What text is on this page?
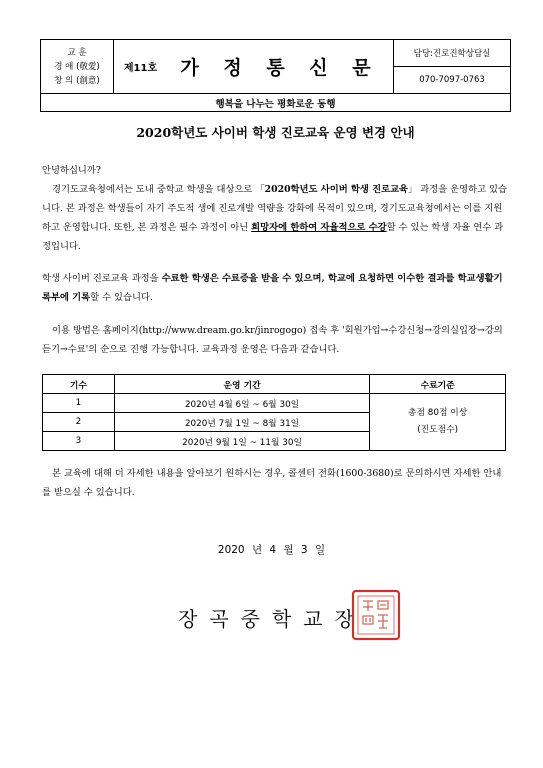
교 훈
경 애 (敬愛)
창 의 (創意)
제11호	가 정 통 신 문
담당:진로진학상담실
070-7097-0763
행복을 나누는 평화로운 동행
2020학년도 사이버 학생 진로교육 운영 변경 안내
안녕하십니까?
경기도교육청에서는 도내 중학교 학생을 대상으로 「2020학년도 사이버 학생 진로교육」 과정을 운영하고 있습니다. 본 과정은 학생들이 자기 주도적 생에 진로개발 역량을 강화에 목적이 있으며, 경기도교육청에서는 이를 지원하고 운영합니다. 또한, 본 과정은 필수 과정이 아닌 희망자에 한하여 자율적으로 수강할 수 있는 학생 자율 연수 과정입니다.
학생 사이버 진로교육 과정을 수료한 학생은 수료증을 받을 수 있으며, 학교에 요청하면 이수한 결과를 학교생활기록부에 기록할 수 있습니다.
이용 방법은 홈페이지(http://www.dream.go.kr/jinrogogo) 접속 후 '회원가입→수강신청→강의실입장→강의듣기→수료'의 순으로 진행 가능합니다. 교육과정 운영은 다음과 같습니다.
기수	운영 기간	수료기준
1	2020년 4월 6일 ~ 6월 30일	총점 80점 이상
(진도점수)

2	2020년 7월 1일 ~ 8월 31일	
3	2020년 9월 1일 ~ 11월 30일	
본 교육에 대해 더 자세한 내용을 알아보기 원하시는 경우, 콜센터 전화(1600-3680)로 문의하시면 자세한 안내를 받으실 수 있습니다.
2020 년 4 월 3 일
장곡중학교장
